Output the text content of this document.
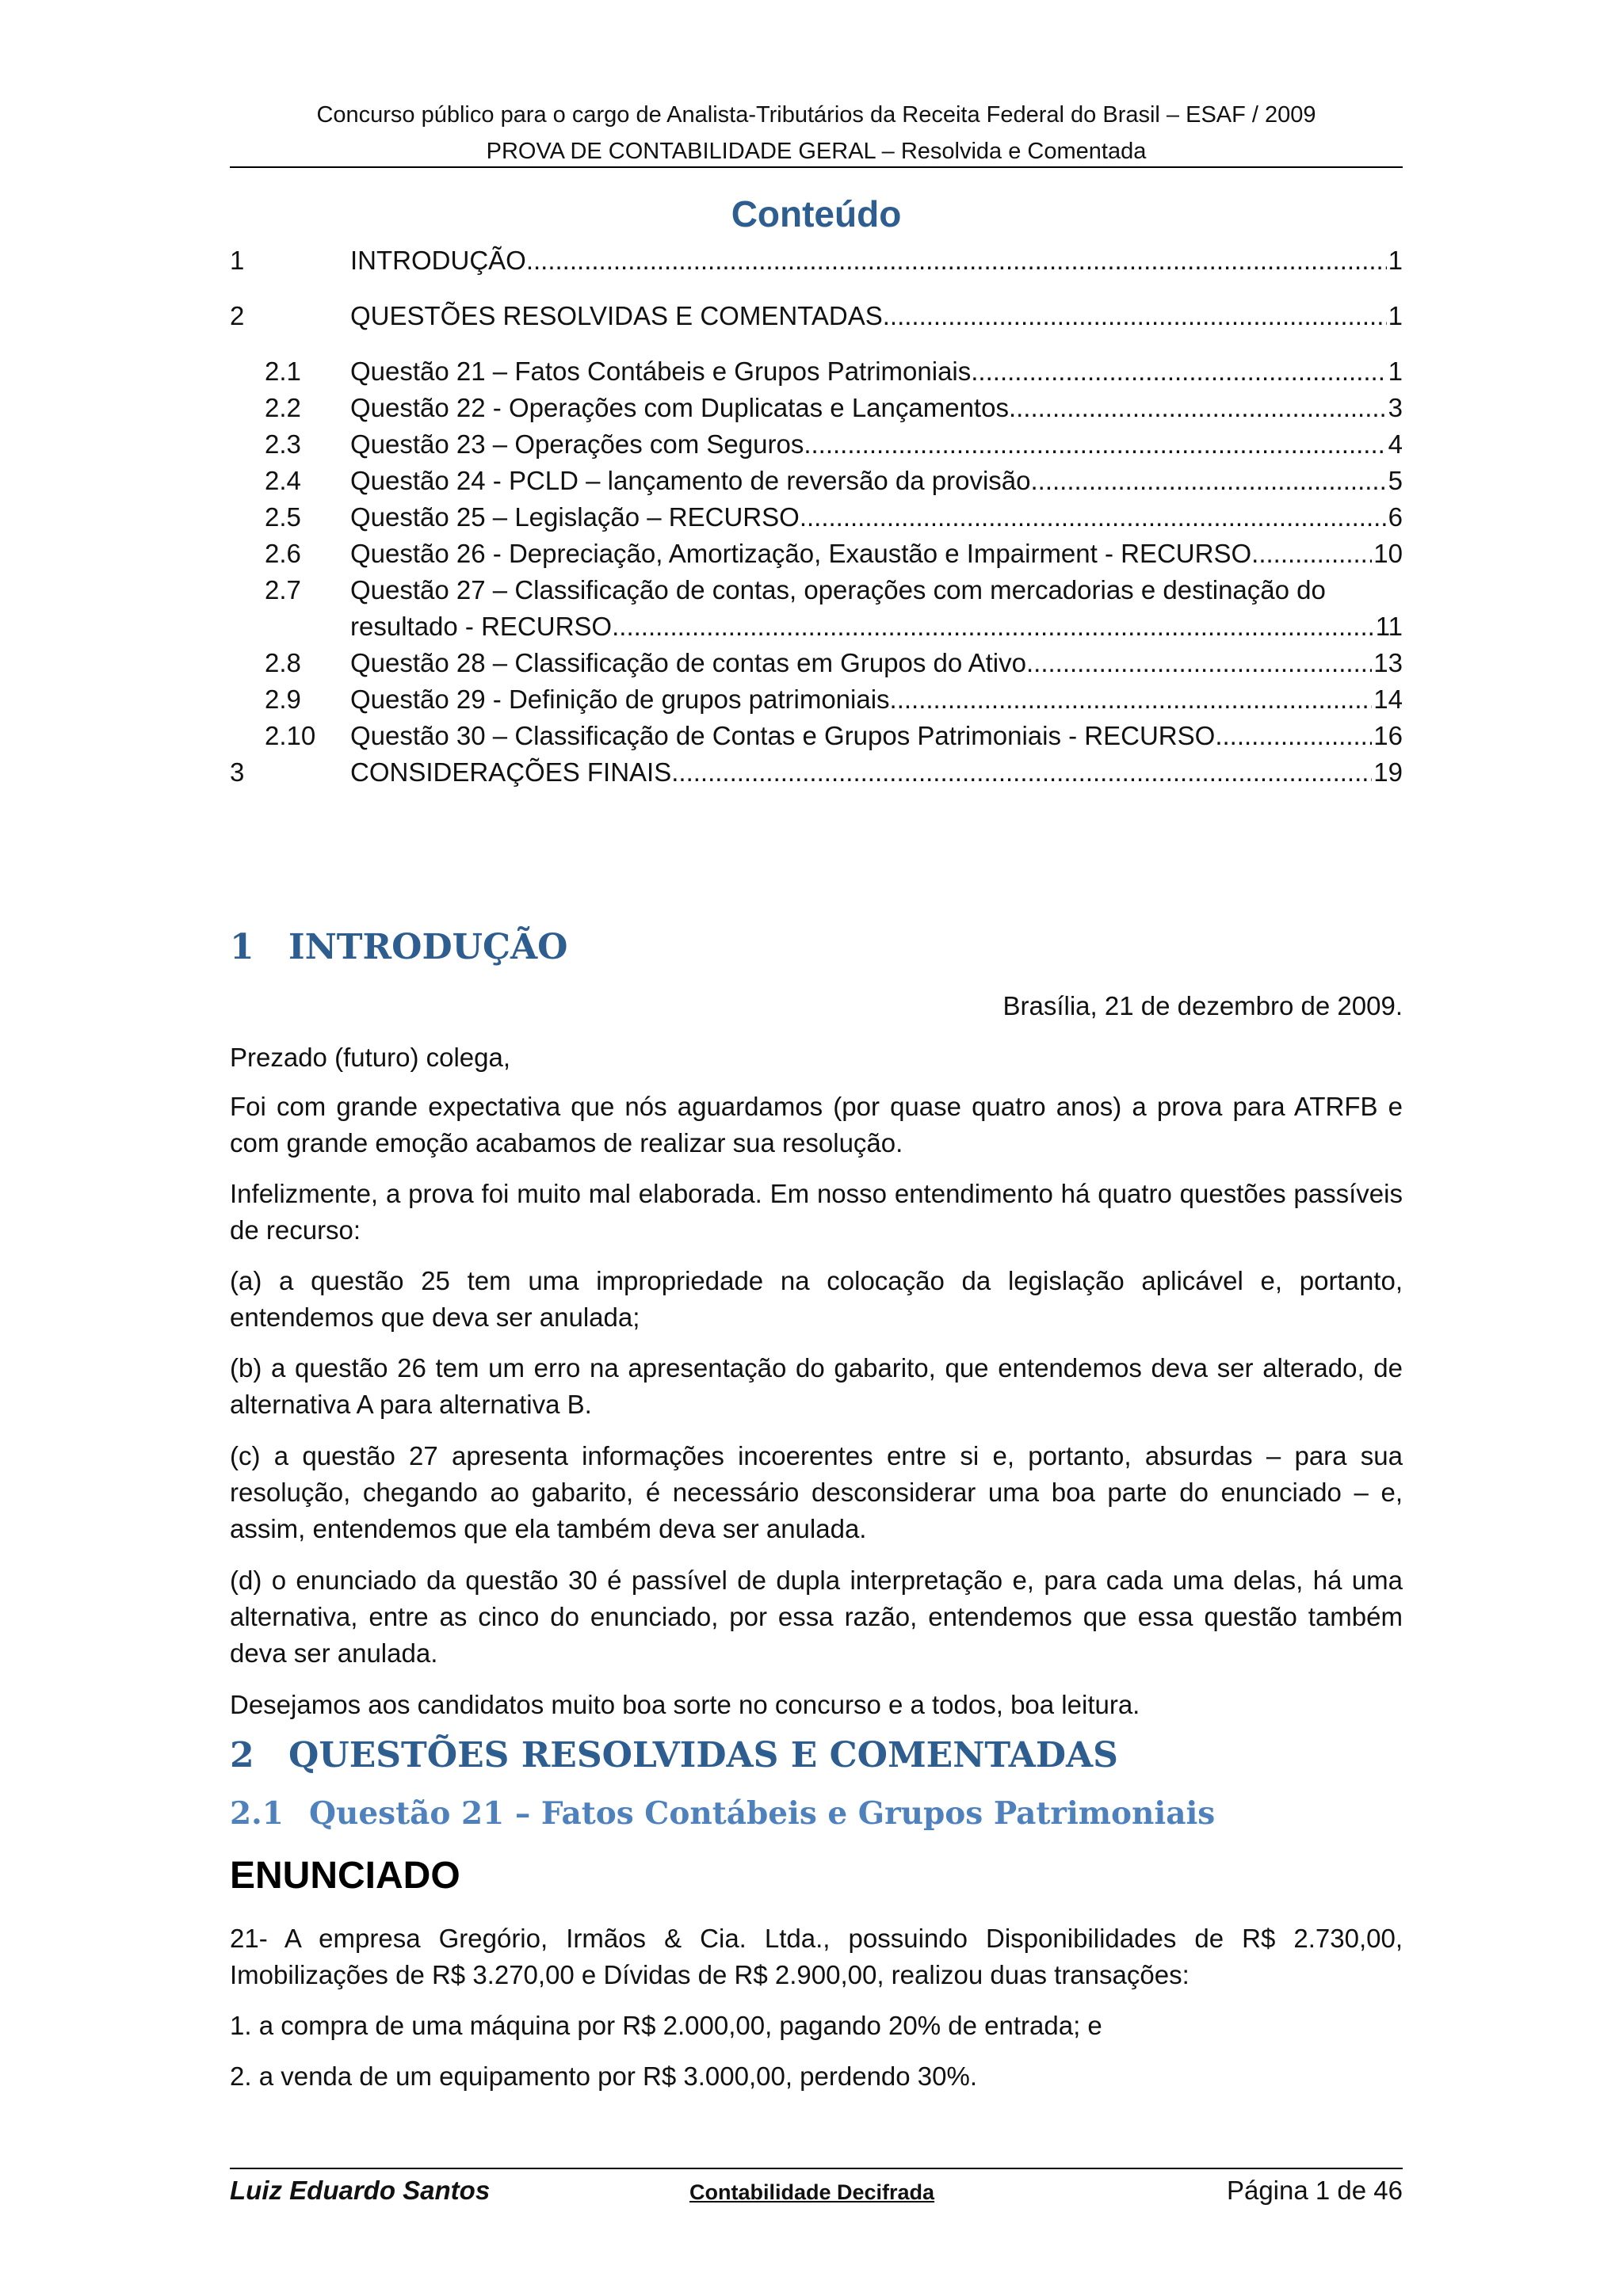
Concurso público para o cargo de Analista-Tributários da Receita Federal do Brasil – ESAF / 2009
PROVA DE CONTABILIDADE GERAL – Resolvida e Comentada
Conteúdo
1	INTRODUÇÃO .....	1
2	QUESTÕES RESOLVIDAS E COMENTADAS. .....	1
2.1 Questão 21 – Fatos Contábeis e Grupos Patrimoniais .....	1
2.2 Questão 22 - Operações com Duplicatas e Lançamentos .....	3
2.3 Questão 23 – Operações com Seguros .....	4
2.4 Questão 24 - PCLD – lançamento de reversão da provisão .....	5
2.5 Questão 25 – Legislação – RECURSO .....	6
2.6 Questão 26 - Depreciação, Amortização, Exaustão e Impairment - RECURSO. .....	10
2.7 Questão 27 – Classificação de contas, operações com mercadorias e destinação do
resultado - RECURSO .....	11
2.8 Questão 28 – Classificação de contas em Grupos do Ativo .....	13
2.9 Questão 29 - Definição de grupos patrimoniais .....	14
2.10 Questão 30 – Classificação de Contas e Grupos Patrimoniais - RECURSO .....	16
3	CONSIDERAÇÕES FINAIS .....	19
1 INTRODUÇÃO
Brasília, 21 de dezembro de 2009.
Prezado (futuro) colega,
Foi com grande expectativa que nós aguardamos (por quase quatro anos) a prova para ATRFB e com grande emoção acabamos de realizar sua resolução.
Infelizmente, a prova foi muito mal elaborada. Em nosso entendimento há quatro questões passíveis de recurso:
(a) a questão 25 tem uma impropriedade na colocação da legislação aplicável e, portanto, entendemos que deva ser anulada;
(b) a questão 26 tem um erro na apresentação do gabarito, que entendemos deva ser alterado, de alternativa A para alternativa B.
(c) a questão 27 apresenta informações incoerentes entre si e, portanto, absurdas – para sua resolução, chegando ao gabarito, é necessário desconsiderar uma boa parte do enunciado – e, assim, entendemos que ela também deva ser anulada.
(d) o enunciado da questão 30 é passível de dupla interpretação e, para cada uma delas, há uma alternativa, entre as cinco do enunciado, por essa razão, entendemos que essa questão também deva ser anulada.
Desejamos aos candidatos muito boa sorte no concurso e a todos, boa leitura.
2 QUESTÕES RESOLVIDAS E COMENTADAS
2.1 Questão 21 – Fatos Contábeis e Grupos Patrimoniais
ENUNCIADO
21- A empresa Gregório, Irmãos & Cia. Ltda., possuindo Disponibilidades de R$ 2.730,00, Imobilizações de R$ 3.270,00 e Dívidas de R$ 2.900,00, realizou duas transações:
1. a compra de uma máquina por R$ 2.000,00, pagando 20% de entrada; e
2. a venda de um equipamento por R$ 3.000,00, perdendo 30%.
Luiz Eduardo Santos	Contabilidade Decifrada	Página 1 de 46
